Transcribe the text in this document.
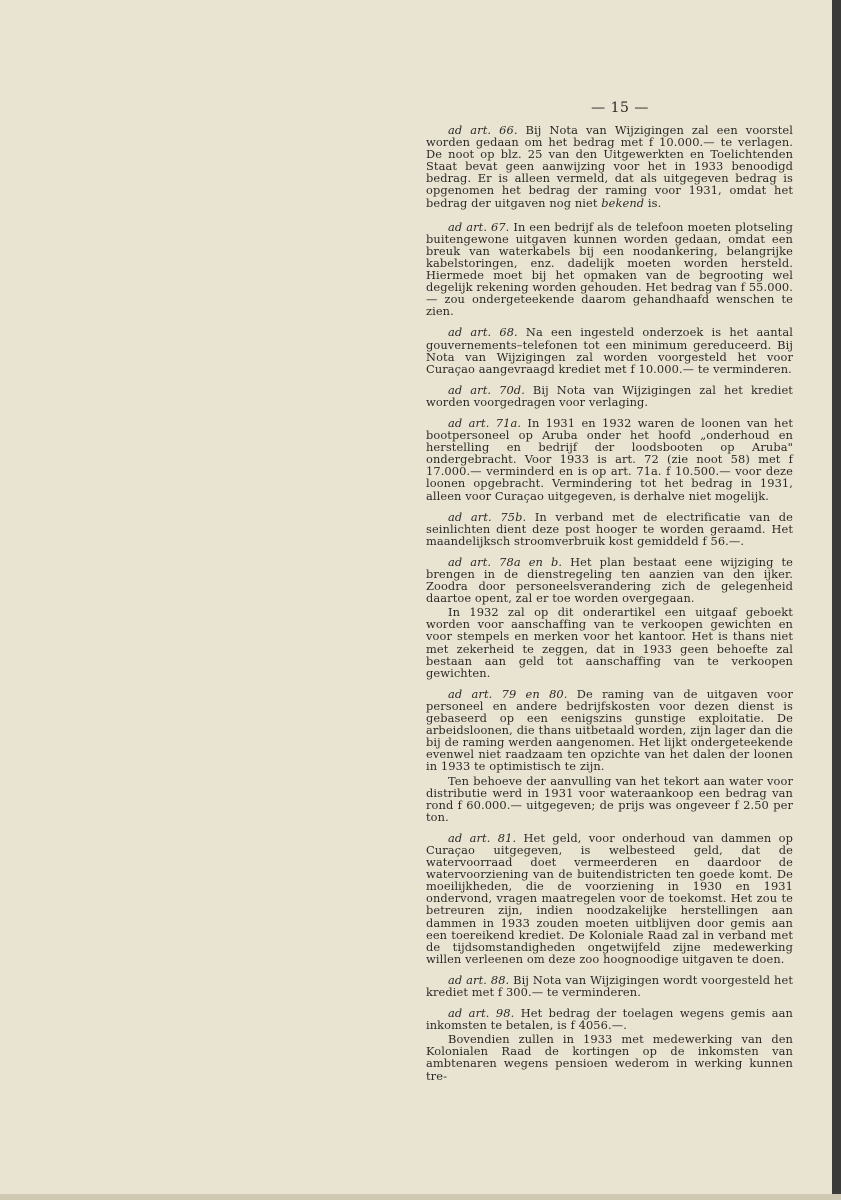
— 15 —

ad art. 66. Bij Nota van Wijzigingen zal een voorstel worden gedaan om het bedrag met f 10.000.— te verlagen. De noot op blz. 25 van den Uitgewerkten en Toelichtenden Staat bevat geen aanwijzing voor het in 1933 benoodigd bedrag. Er is alleen vermeld, dat als uitgegeven bedrag is opgenomen het bedrag der raming voor 1931, omdat het bedrag der uitgaven nog niet bekend is.

ad art. 67. In een bedrijf als de telefoon moeten plotseling buitengewone uitgaven kunnen worden gedaan, omdat een breuk van waterkabels bij een noodankering, belangrijke kabelstoringen, enz. dadelijk moeten worden hersteld. Hiermede moet bij het opmaken van de begrooting wel degelijk rekening worden gehouden. Het bedrag van f 55.000.— zou ondergeteekende daarom gehandhaafd wenschen te zien.

ad art. 68. Na een ingesteld onderzoek is het aantal gouvernements–telefonen tot een minimum gereduceerd. Bij Nota van Wijzigingen zal worden voorgesteld het voor Curaçao aangevraagd krediet met f 10.000.— te verminderen.

ad art. 70d. Bij Nota van Wijzigingen zal het krediet worden voorgedragen voor verlaging.

ad art. 71a. In 1931 en 1932 waren de loonen van het bootpersoneel op Aruba onder het hoofd „onderhoud en herstelling en bedrijf der loodsbooten op Aruba" ondergebracht. Voor 1933 is art. 72 (zie noot 58) met f 17.000.— verminderd en is op art. 71a. f 10.500.— voor deze loonen opgebracht. Vermindering tot het bedrag in 1931, alleen voor Curaçao uitgegeven, is derhalve niet mogelijk.

ad art. 75b. In verband met de electrificatie van de seinlichten dient deze post hooger te worden geraamd. Het maandelijksch stroomverbruik kost gemiddeld f 56.—.

ad art. 78a en b. Het plan bestaat eene wijziging te brengen in de dienstregeling ten aanzien van den ijker. Zoodra door personeelsverandering zich de gelegenheid daartoe opent, zal er toe worden overgegaan.

In 1932 zal op dit onderartikel een uitgaaf geboekt worden voor aanschaffing van te verkoopen gewichten en voor stempels en merken voor het kantoor. Het is thans niet met zekerheid te zeggen, dat in 1933 geen behoefte zal bestaan aan geld tot aanschaffing van te verkoopen gewichten.

ad art. 79 en 80. De raming van de uitgaven voor personeel en andere bedrijfskosten voor dezen dienst is gebaseerd op een eenigszins gunstige exploitatie. De arbeidsloonen, die thans uitbetaald worden, zijn lager dan die bij de raming werden aangenomen. Het lijkt ondergeteekende evenwel niet raadzaam ten opzichte van het dalen der loonen in 1933 te optimistisch te zijn.

Ten behoeve der aanvulling van het tekort aan water voor distributie werd in 1931 voor wateraankoop een bedrag van rond f 60.000.— uitgegeven; de prijs was ongeveer f 2.50 per ton.

ad art. 81. Het geld, voor onderhoud van dammen op Curaçao uitgegeven, is welbesteed geld, dat de watervoorraad doet vermeerderen en daardoor de watervoorziening van de buitendistricten ten goede komt. De moeilijkheden, die de voorziening in 1930 en 1931 ondervond, vragen maatregelen voor de toekomst. Het zou te betreuren zijn, indien noodzakelijke herstellingen aan dammen in 1933 zouden moeten uitblijven door gemis aan een toereikend krediet. De Koloniale Raad zal in verband met de tijdsomstandigheden ongetwijfeld zijne medewerking willen verleenen om deze zoo hoognoodige uitgaven te doen.

ad art. 88. Bij Nota van Wijzigingen wordt voorgesteld het krediet met f 300.— te verminderen.

ad art. 98. Het bedrag der toelagen wegens gemis aan inkomsten te betalen, is f 4056.—.

Bovendien zullen in 1933 met medewerking van den Kolonialen Raad de kortingen op de inkomsten van ambtenaren wegens pensioen wederom in werking kunnen tre-
